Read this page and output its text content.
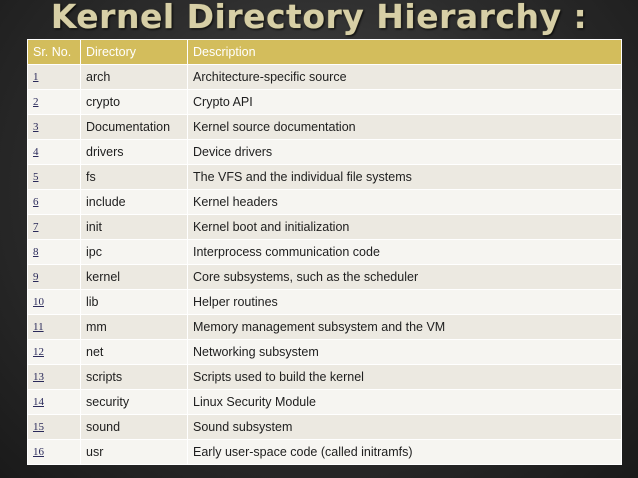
Kernel Directory Hierarchy :
Sr. No.	Directory	Description
1	arch	Architecture-specific source
2	crypto	Crypto API
3	Documentation	Kernel source documentation
4	drivers	Device drivers
5	fs	The VFS and the individual file systems
6	include	Kernel headers
7	init	Kernel boot and initialization
8	ipc	Interprocess communication code
9	kernel	Core subsystems, such as the scheduler
10	lib	Helper routines
11	mm	Memory management subsystem and the VM
12	net	Networking subsystem
13	scripts	Scripts used to build the kernel
14	security	Linux Security Module
15	sound	Sound subsystem
16	usr	Early user-space code (called initramfs)
